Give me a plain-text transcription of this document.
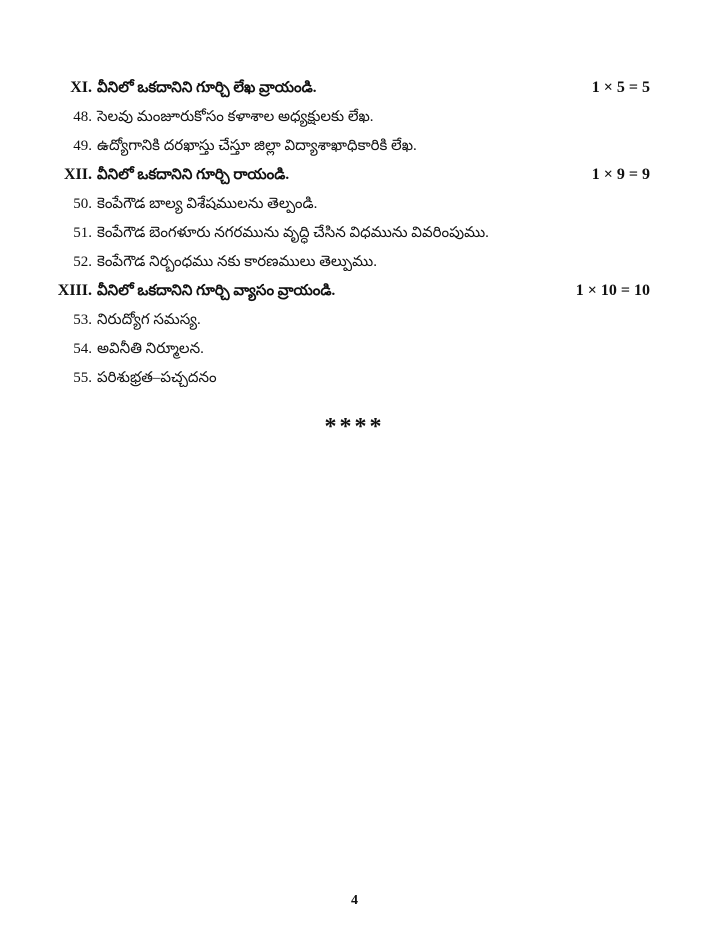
XI. వీనిలో ఒకదానిని గూర్చి లేఖ వ్రాయండి.	1 × 5 = 5
48. సెలవు మంజూరుకోసం కళాశాల అధ్యక్షులకు లేఖ.
49. ఉద్యోగానికి దరఖాస్తు చేస్తూ జిల్లా విద్యాశాఖాధికారికి లేఖ.
XII. వీనిలో ఒకదానిని గూర్చి రాయండి.	1 × 9 = 9
50. కెంపేగౌడ బాల్య విశేషములను తెల్పండి.
51. కెంపేగౌడ బెంగళూరు నగరమును వృద్ధి చేసిన విధమును వివరింపుము.
52. కెంపేగౌడ నిర్బంధము నకు కారణములు తెల్పుము.
XIII. వీనిలో ఒకదానిని గూర్చి వ్యాసం వ్రాయండి.	1 × 10 = 10
53. నిరుద్యోగ సమస్య.
54. అవినీతి నిర్మూలన.
55. పరిశుభ్రత–పచ్చదనం
****
4
